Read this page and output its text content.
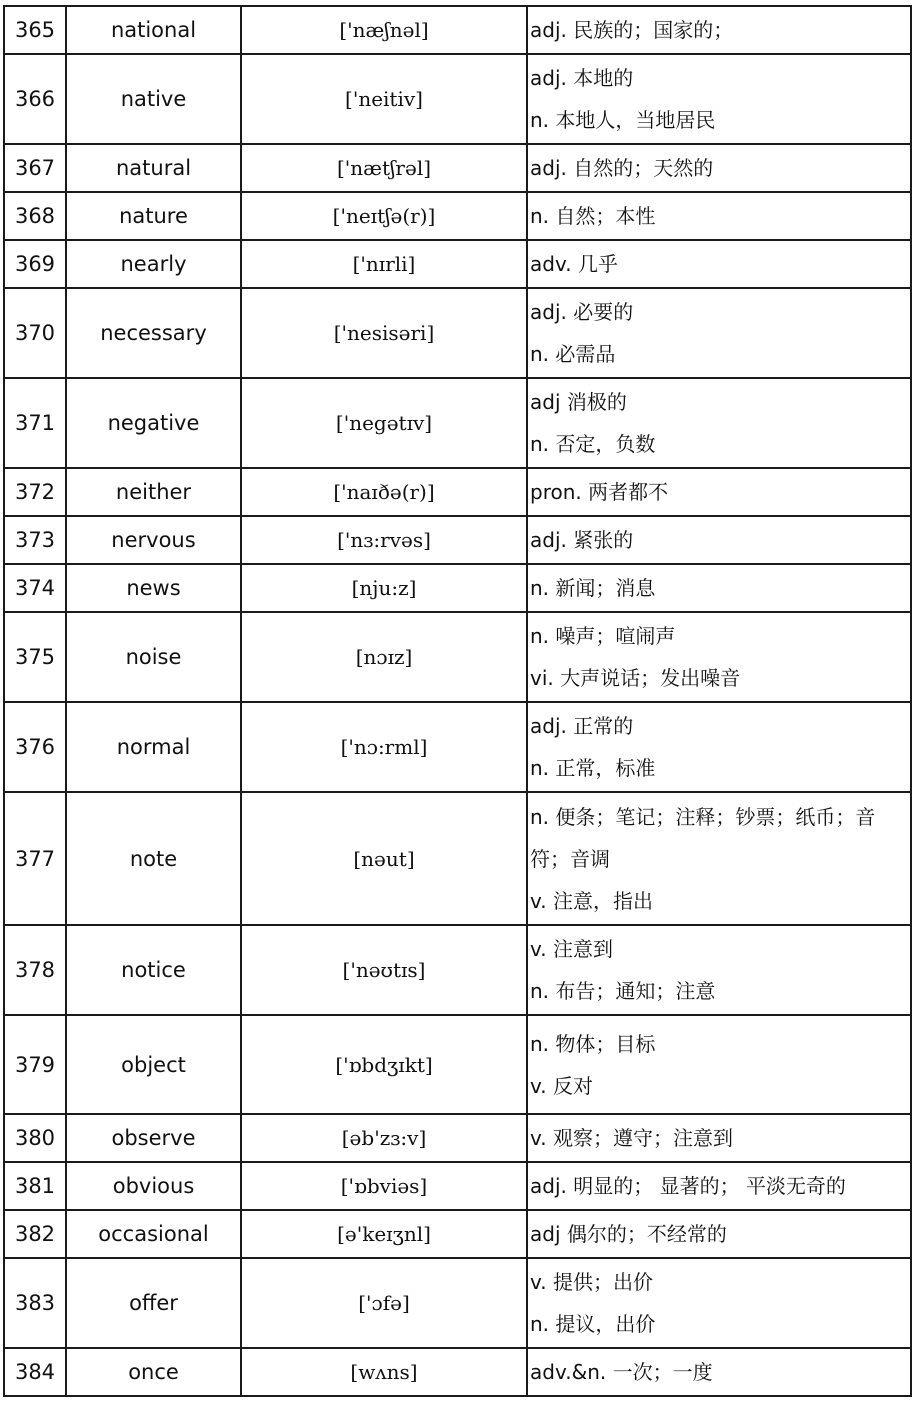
365	national	['næʃnəl]	adj. 民族的；国家的；

366	native	['neitiv]	adj. 本地的
n. 本地人，当地居民

367	natural	['nætʃrəl]	adj. 自然的；天然的

368	nature	['neɪtʃə(r)]	n. 自然；本性

369	nearly	['nɪrli]	adv. 几乎

370	necessary	['nesisəri]	adj. 必要的
n. 必需品

371	negative	['negətɪv]	adj 消极的
n. 否定，负数

372	neither	['naɪðə(r)]	pron. 两者都不

373	nervous	['nɜ:rvəs]	adj. 紧张的

374	news	[nju:z]	n. 新闻；消息

375	noise	[nɔɪz]	n. 噪声；喧闹声
vi. 大声说话；发出噪音

376	normal	['nɔ:rml]	adj. 正常的
n. 正常，标准

377	note	[nəut]	n. 便条；笔记；注释；钞票；纸币；音符；音调
v. 注意，指出

378	notice	['nəʊtɪs]	v. 注意到
n. 布告；通知；注意

379	object	['ɒbdʒɪkt]	n. 物体；目标
v. 反对

380	observe	[əb'zɜ:v]	v. 观察；遵守；注意到

381	obvious	['ɒbviəs]	adj. 明显的； 显著的； 平淡无奇的

382	occasional	[ə'keɪʒnl]	adj 偶尔的；不经常的

383	offer	['ɔfə]	v. 提供；出价
n. 提议，出价

384	once	[wʌns]	adv.&n. 一次；一度
